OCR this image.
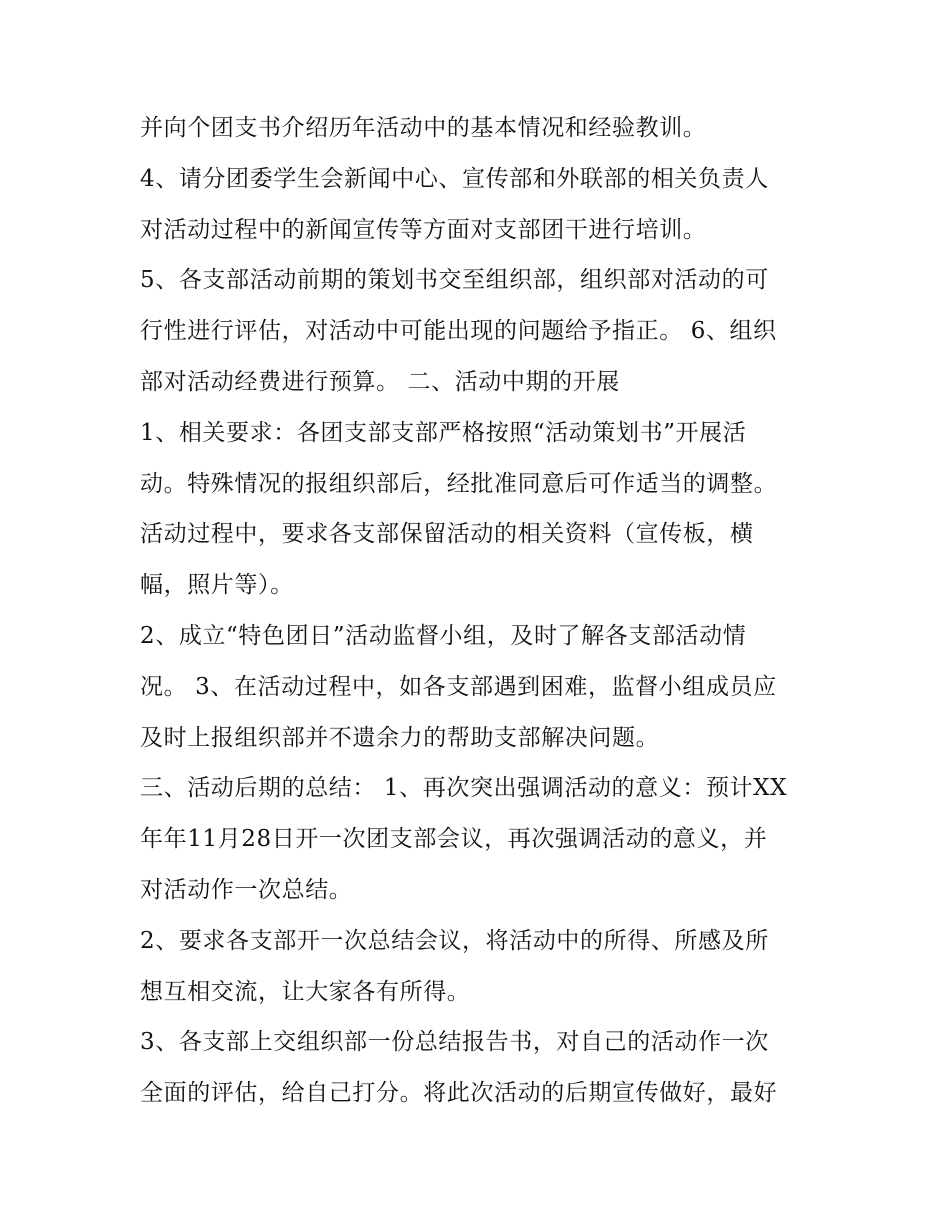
并向个团支书介绍历年活动中的基本情况和经验教训。
4、请分团委学生会新闻中心、宣传部和外联部的相关负责人
对活动过程中的新闻宣传等方面对支部团干进行培训。
5、各支部活动前期的策划书交至组织部，组织部对活动的可
行性进行评估，对活动中可能出现的问题给予指正。 6、组织
部对活动经费进行预算。 二、活动中期的开展
1、相关要求：各团支部支部严格按照“活动策划书”开展活
动。特殊情况的报组织部后，经批准同意后可作适当的调整。
活动过程中，要求各支部保留活动的相关资料（宣传板，横
幅，照片等）。
2、成立“特色团日”活动监督小组，及时了解各支部活动情
况。 3、在活动过程中，如各支部遇到困难，监督小组成员应
及时上报组织部并不遗余力的帮助支部解决问题。
三、活动后期的总结： 1、再次突出强调活动的意义：预计XX
年年11月28日开一次团支部会议，再次强调活动的意义，并
对活动作一次总结。
2、要求各支部开一次总结会议，将活动中的所得、所感及所
想互相交流，让大家各有所得。
3、各支部上交组织部一份总结报告书，对自己的活动作一次
全面的评估，给自己打分。将此次活动的后期宣传做好，最好
